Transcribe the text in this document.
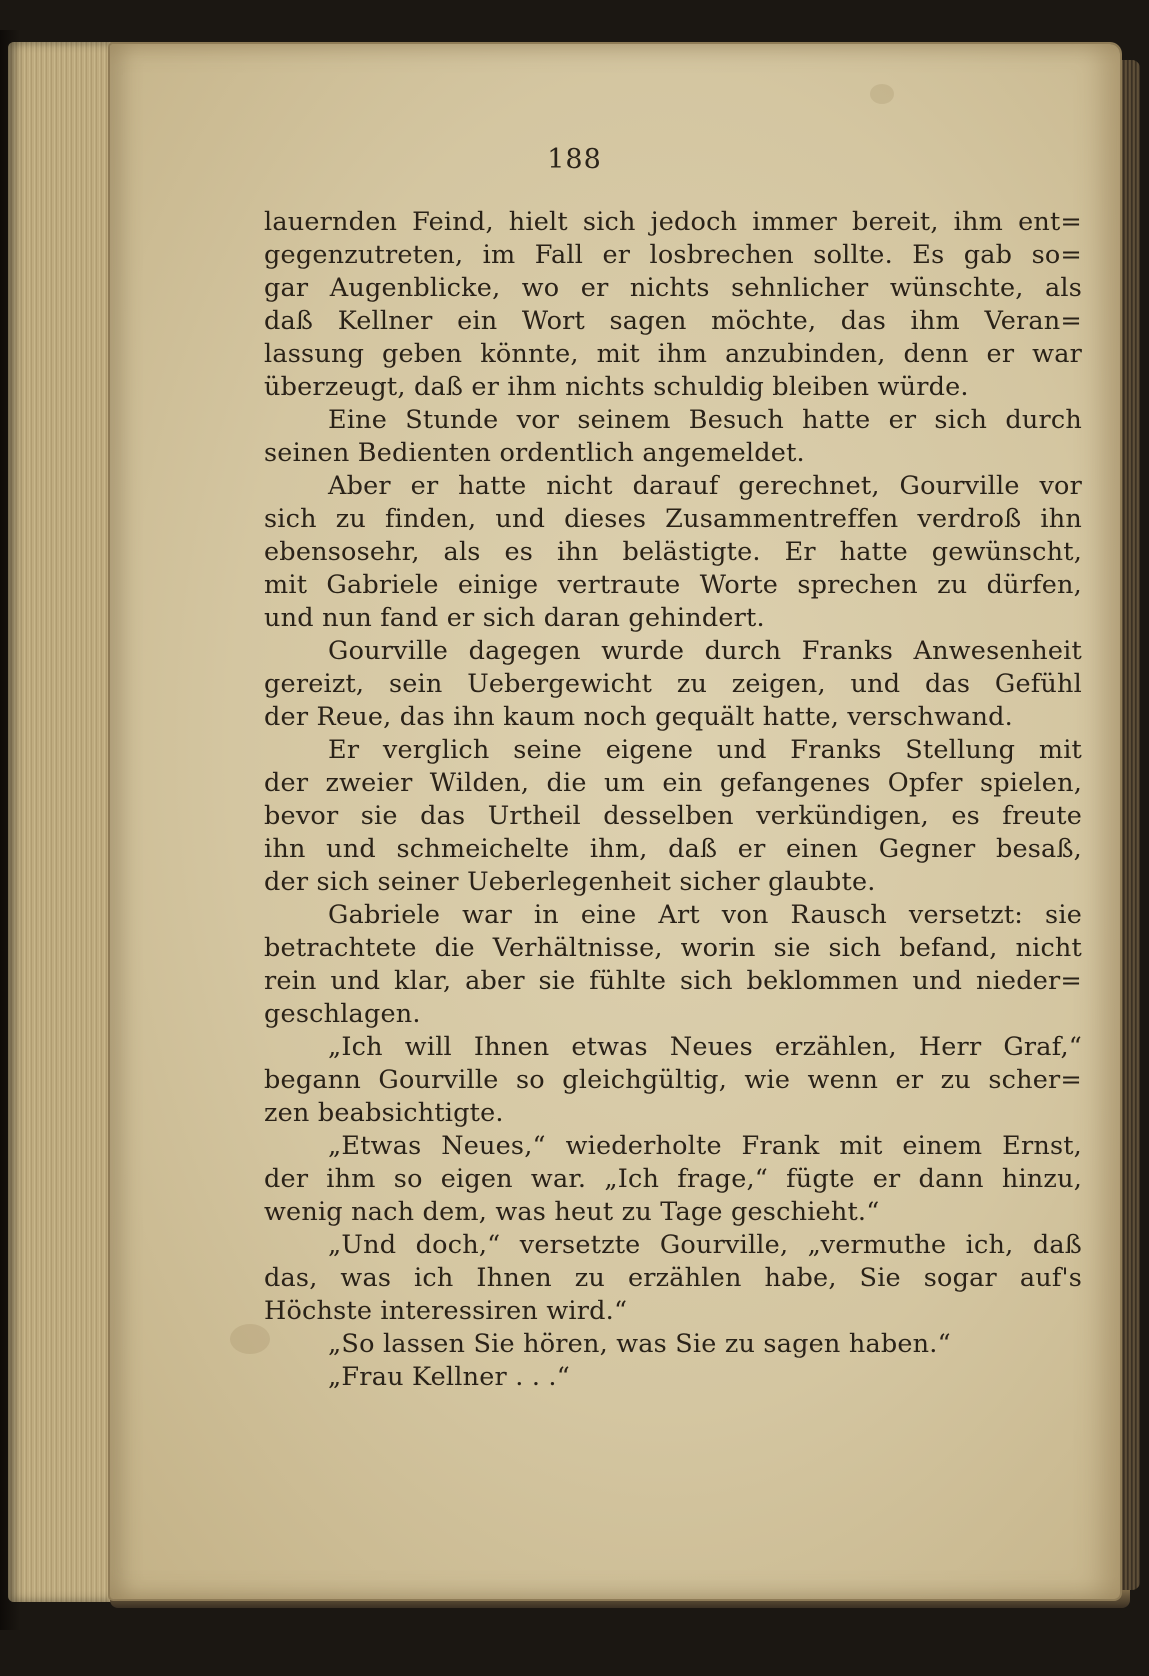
188
lauernden Feind, hielt sich jedoch immer bereit, ihm ent=
gegenzutreten, im Fall er losbrechen sollte. Es gab so=
gar Augenblicke, wo er nichts sehnlicher wünschte, als
daß Kellner ein Wort sagen möchte, das ihm Veran=
lassung geben könnte, mit ihm anzubinden, denn er war
überzeugt, daß er ihm nichts schuldig bleiben würde.
Eine Stunde vor seinem Besuch hatte er sich durch
seinen Bedienten ordentlich angemeldet.
Aber er hatte nicht darauf gerechnet, Gourville vor
sich zu finden, und dieses Zusammentreffen verdroß ihn
ebensosehr, als es ihn belästigte. Er hatte gewünscht,
mit Gabriele einige vertraute Worte sprechen zu dürfen,
und nun fand er sich daran gehindert.
Gourville dagegen wurde durch Franks Anwesenheit
gereizt, sein Uebergewicht zu zeigen, und das Gefühl
der Reue, das ihn kaum noch gequält hatte, verschwand.
Er verglich seine eigene und Franks Stellung mit
der zweier Wilden, die um ein gefangenes Opfer spielen,
bevor sie das Urtheil desselben verkündigen, es freute
ihn und schmeichelte ihm, daß er einen Gegner besaß,
der sich seiner Ueberlegenheit sicher glaubte.
Gabriele war in eine Art von Rausch versetzt: sie
betrachtete die Verhältnisse, worin sie sich befand, nicht
rein und klar, aber sie fühlte sich beklommen und nieder=
geschlagen.
„Ich will Ihnen etwas Neues erzählen, Herr Graf,“
begann Gourville so gleichgültig, wie wenn er zu scher=
zen beabsichtigte.
„Etwas Neues,“ wiederholte Frank mit einem Ernst,
der ihm so eigen war. „Ich frage,“ fügte er dann hinzu,
wenig nach dem, was heut zu Tage geschieht.“
„Und doch,“ versetzte Gourville, „vermuthe ich, daß
das, was ich Ihnen zu erzählen habe, Sie sogar auf's
Höchste interessiren wird.“
„So lassen Sie hören, was Sie zu sagen haben.“
„Frau Kellner . . .“
